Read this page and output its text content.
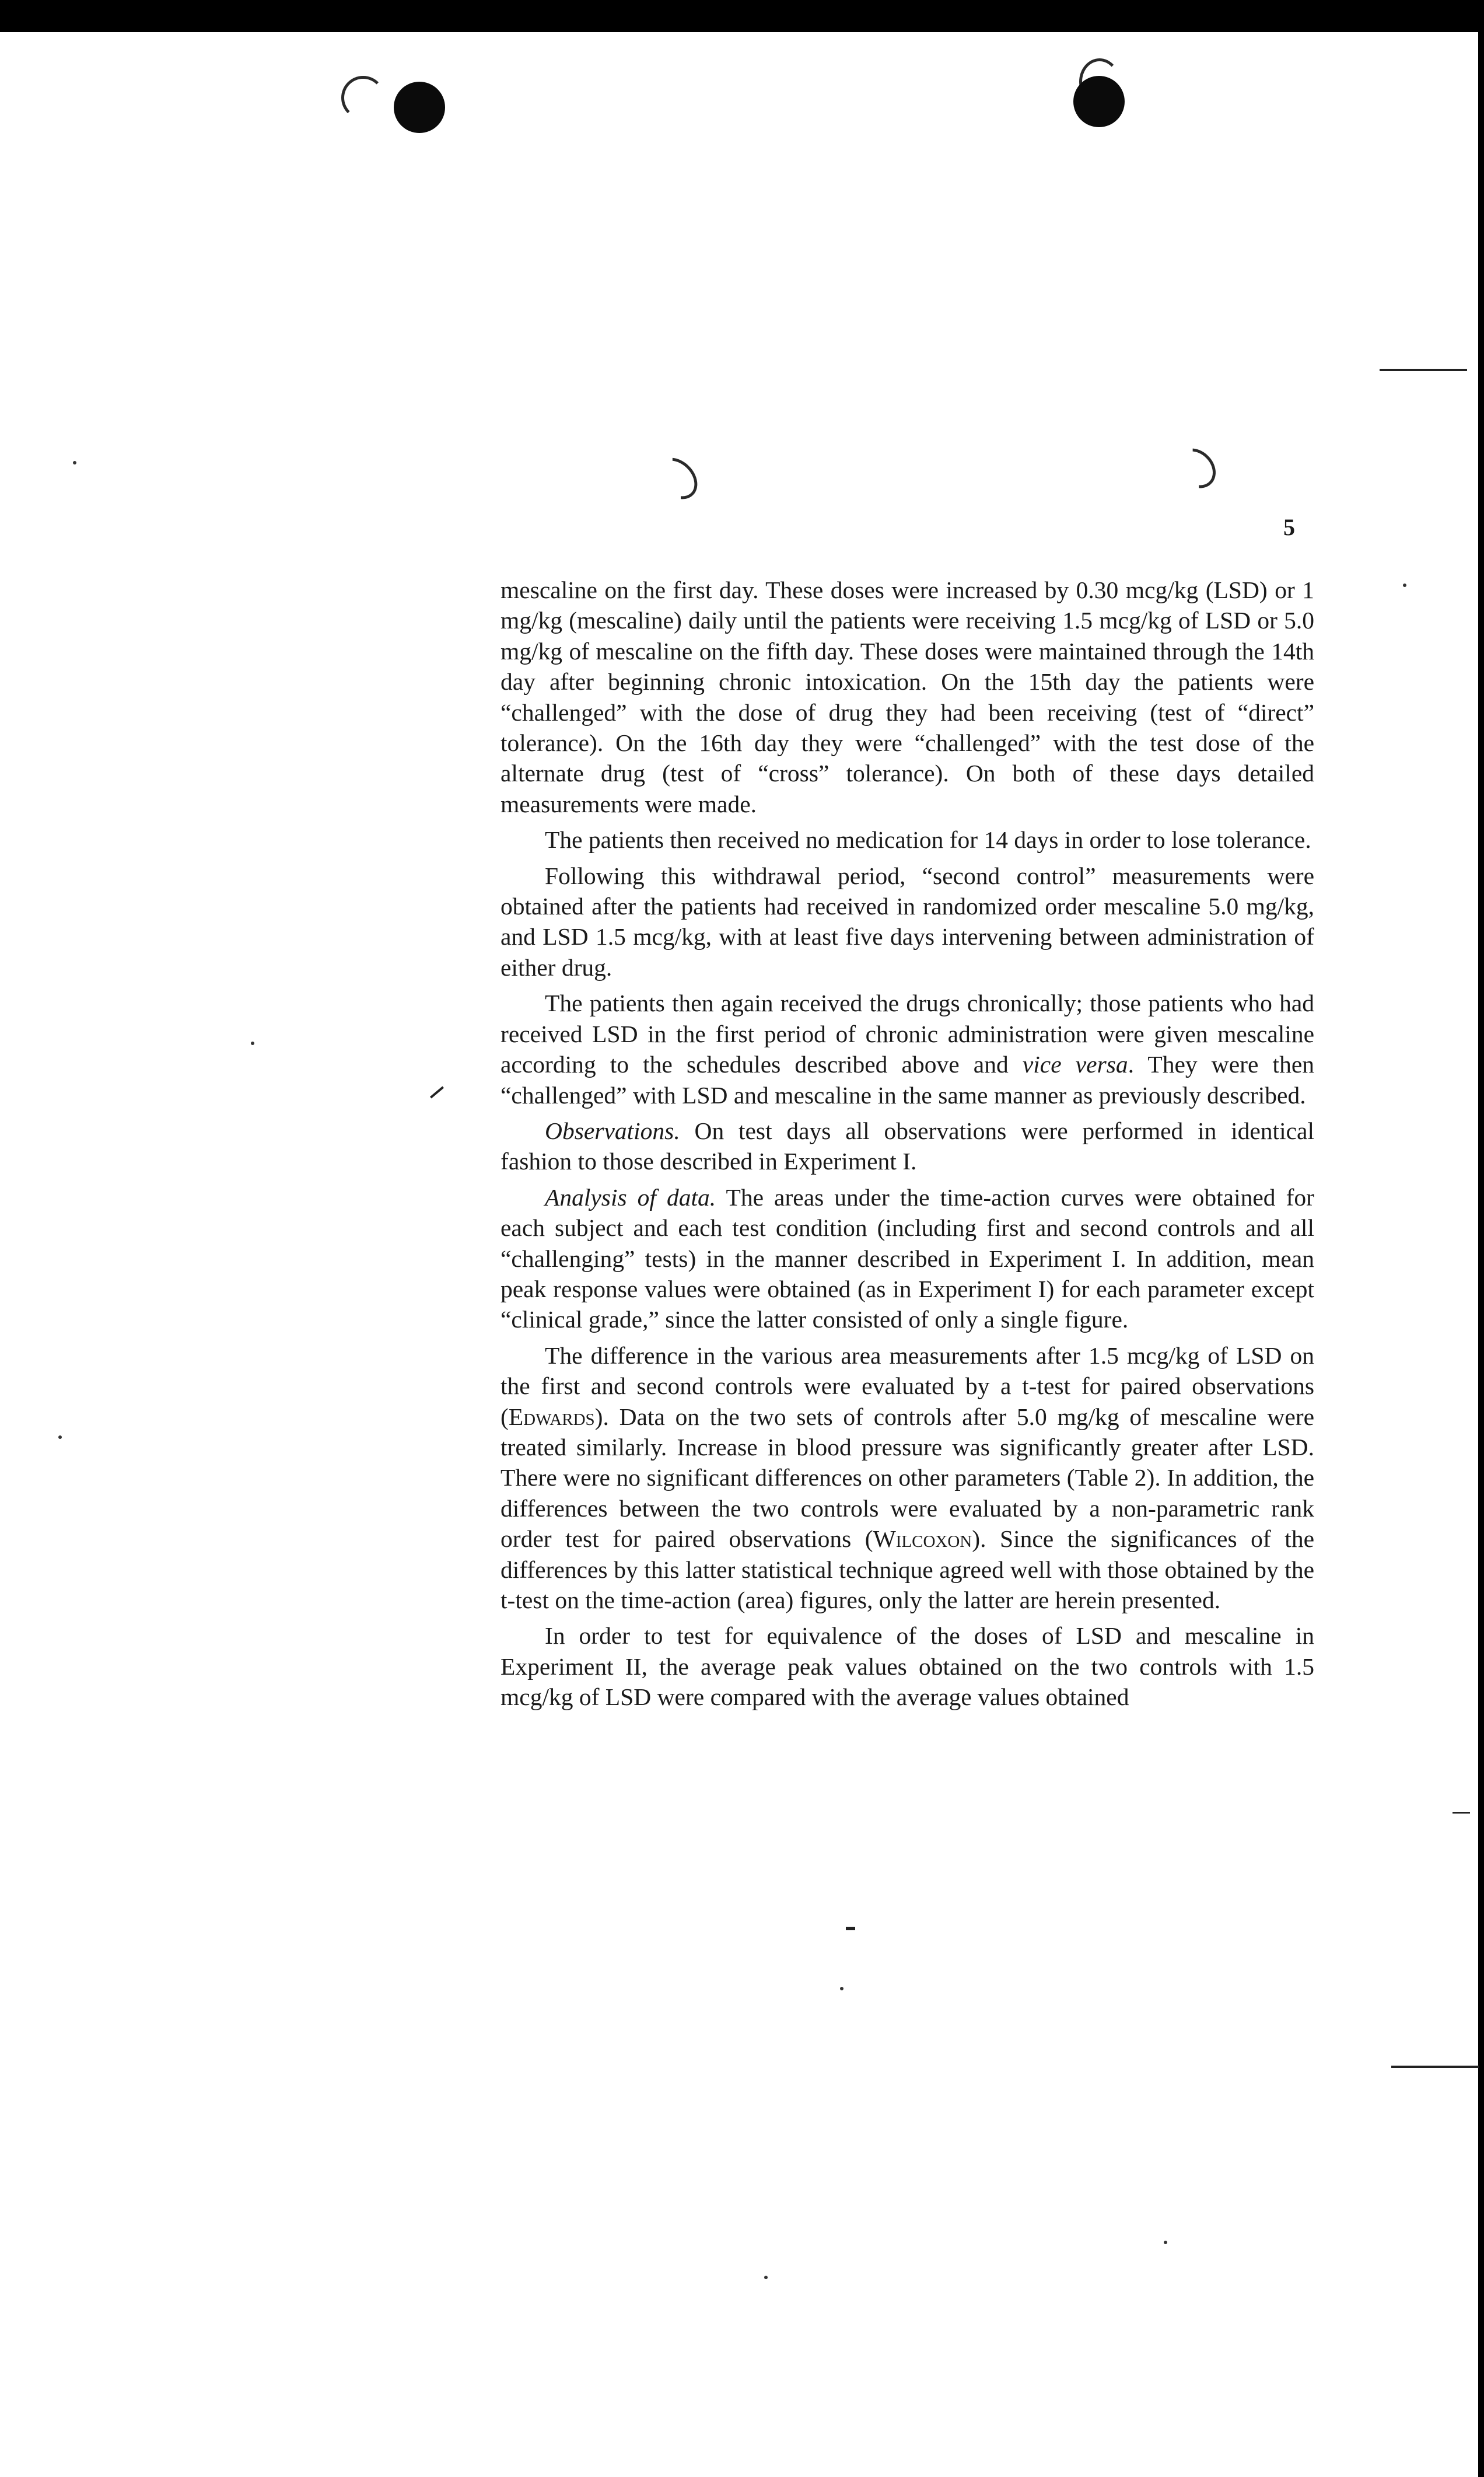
5

mescaline on the first day. These doses were increased by 0.30 mcg/kg (LSD) or 1 mg/kg (mescaline) daily until the patients were receiving 1.5 mcg/kg of LSD or 5.0 mg/kg of mescaline on the fifth day. These doses were maintained through the 14th day after beginning chronic intoxication. On the 15th day the patients were “challenged” with the dose of drug they had been receiving (test of “direct” tolerance). On the 16th day they were “challenged” with the test dose of the alternate drug (test of “cross” tolerance). On both of these days detailed measurements were made.

The patients then received no medication for 14 days in order to lose tolerance.

Following this withdrawal period, “second control” measurements were obtained after the patients had received in randomized order mescaline 5.0 mg/kg, and LSD 1.5 mcg/kg, with at least five days intervening between administration of either drug.

The patients then again received the drugs chronically; those patients who had received LSD in the first period of chronic administration were given mescaline according to the schedules described above and vice versa. They were then “challenged” with LSD and mescaline in the same manner as previously described.

Observations. On test days all observations were performed in identical fashion to those described in Experiment I.

Analysis of data. The areas under the time-action curves were obtained for each subject and each test condition (including first and second controls and all “challenging” tests) in the manner described in Experiment I. In addition, mean peak response values were obtained (as in Experiment I) for each parameter except “clinical grade,” since the latter consisted of only a single figure.

The difference in the various area measurements after 1.5 mcg/kg of LSD on the first and second controls were evaluated by a t-test for paired observations (Edwards). Data on the two sets of controls after 5.0 mg/kg of mescaline were treated similarly. Increase in blood pressure was significantly greater after LSD. There were no significant differences on other parameters (Table 2). In addition, the differences between the two controls were evaluated by a non-parametric rank order test for paired observations (Wilcoxon). Since the significances of the differences by this latter statistical technique agreed well with those obtained by the t-test on the time-action (area) figures, only the latter are herein presented.

In order to test for equivalence of the doses of LSD and mescaline in Experiment II, the average peak values obtained on the two controls with 1.5 mcg/kg of LSD were compared with the average values obtained
